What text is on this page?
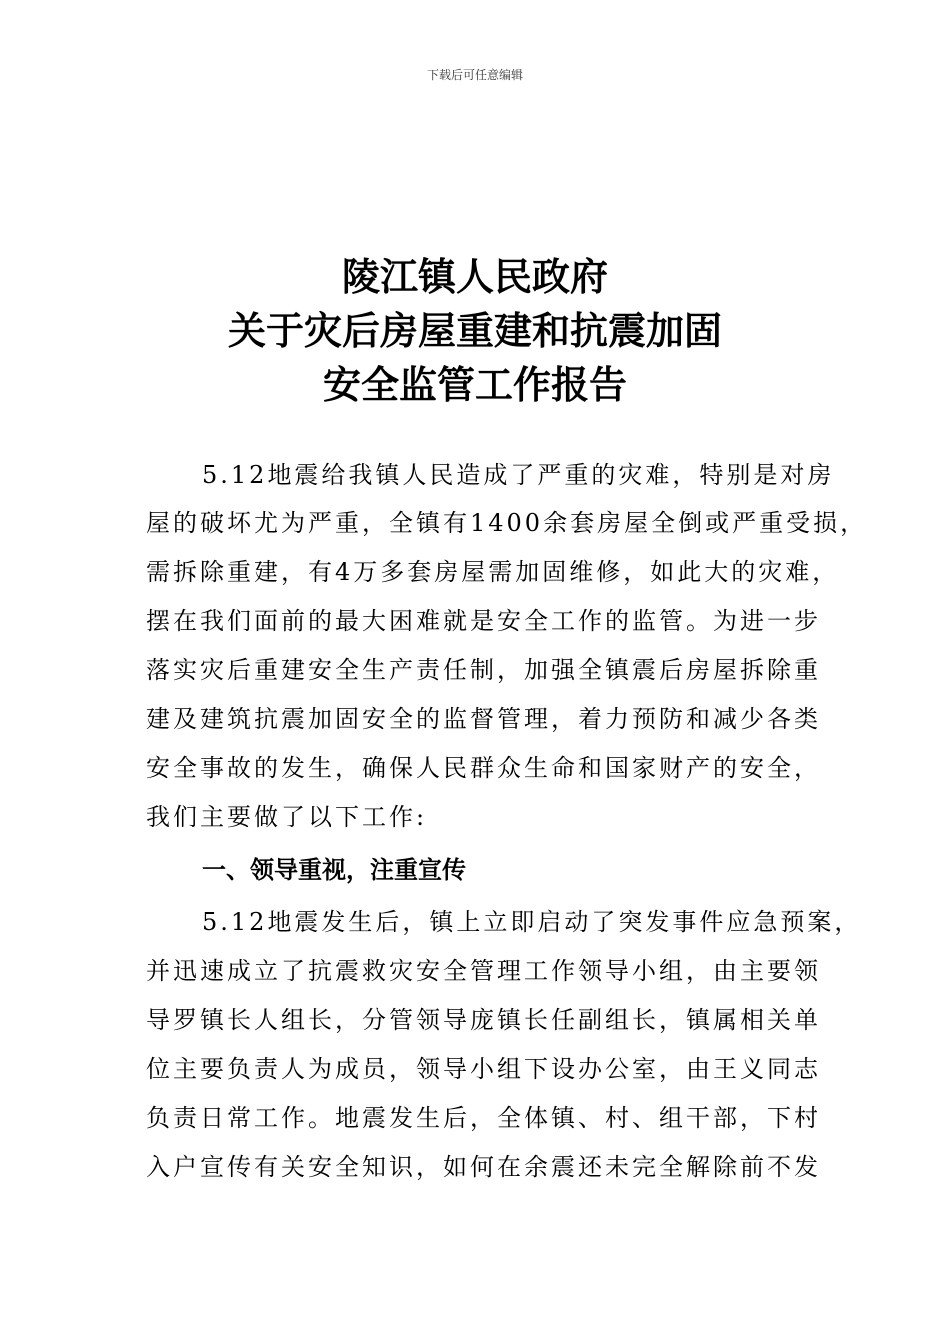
下载后可任意编辑
陵江镇人民政府
关于灾后房屋重建和抗震加固
安全监管工作报告
5.12地震给我镇人民造成了严重的灾难，特别是对房
屋的破坏尤为严重，全镇有1400余套房屋全倒或严重受损，
需拆除重建，有4万多套房屋需加固维修，如此大的灾难，
摆在我们面前的最大困难就是安全工作的监管。为进一步
落实灾后重建安全生产责任制，加强全镇震后房屋拆除重
建及建筑抗震加固安全的监督管理，着力预防和减少各类
安全事故的发生，确保人民群众生命和国家财产的安全，
我们主要做了以下工作:
一、领导重视，注重宣传
5.12地震发生后，镇上立即启动了突发事件应急预案，
并迅速成立了抗震救灾安全管理工作领导小组，由主要领
导罗镇长人组长，分管领导庞镇长任副组长，镇属相关单
位主要负责人为成员，领导小组下设办公室，由王义同志
负责日常工作。地震发生后，全体镇、村、组干部，下村
入户宣传有关安全知识，如何在余震还未完全解除前不发
